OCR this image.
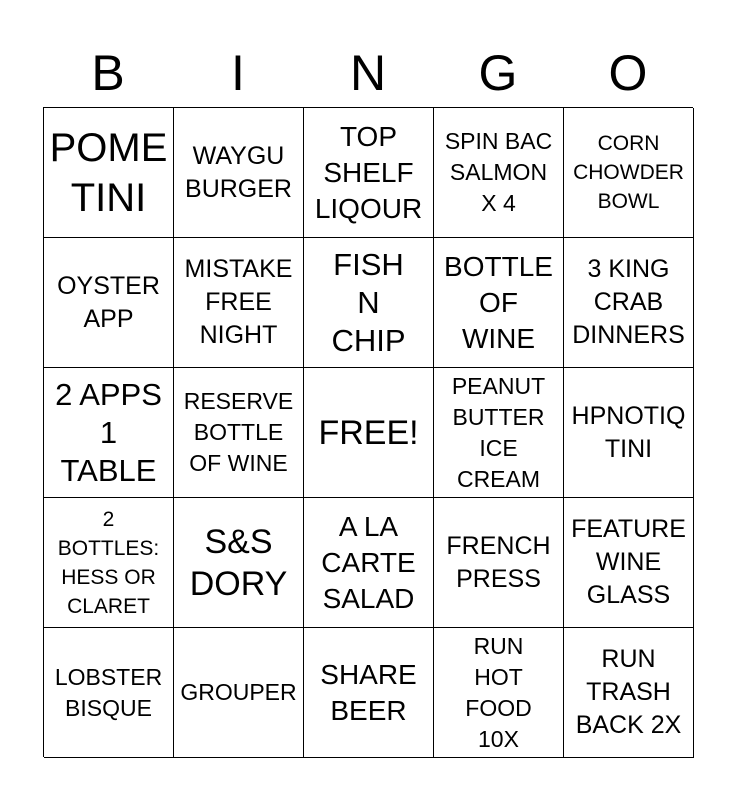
B	I	N	G	O
POME
TINI
WAYGU
BURGER
TOP
SHELF
LIQOUR
SPIN BAC
SALMON
X 4
CORN
CHOWDER
BOWL
OYSTER
APP
MISTAKE
FREE
NIGHT
FISH
N
CHIP
BOTTLE
OF
WINE
3 KING
CRAB
DINNERS
2 APPS
1
TABLE
RESERVE
BOTTLE
OF WINE
FREE!
PEANUT
BUTTER
ICE
CREAM
HPNOTIQ
TINI
2
BOTTLES:
HESS OR
CLARET
S&S
DORY
A LA
CARTE
SALAD
FRENCH
PRESS
FEATURE
WINE
GLASS
LOBSTER
BISQUE
GROUPER
SHARE
BEER
RUN
HOT
FOOD
10X
RUN
TRASH
BACK 2X
